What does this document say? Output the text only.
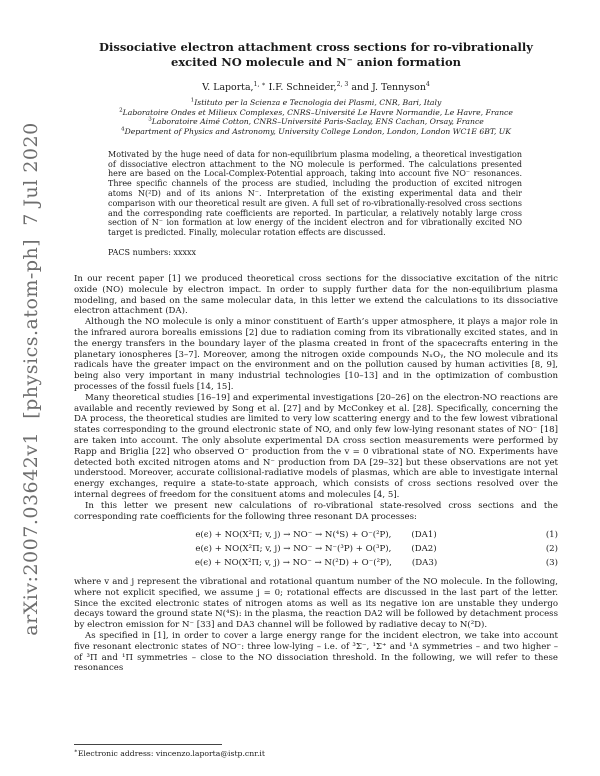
arXiv:2007.03642v1  [physics.atom-ph]  7 Jul 2020
Dissociative electron attachment cross sections for ro-vibrationally excited NO molecule and N⁻ anion formation
V. Laporta,$^{1, ∗}$ I.F. Schneider,$^{2, 3}$ and J. Tennyson$^4$
$^1$Istituto per la Scienza e Tecnologia dei Plasmi, CNR, Bari, Italy
$^2$Laboratoire Ondes et Milieux Complexes, CNRS–Université Le Havre Normandie, Le Havre, France
$^3$Laboratoire Aimé Cotton, CNRS–Université Paris-Saclay, ENS Cachan, Orsay, France
$^4$Department of Physics and Astronomy, University College London, London, London WC1E 6BT, UK
Motivated by the huge need of data for non-equilibrium plasma modeling, a theoretical investigation of dissociative electron attachment to the NO molecule is performed. The calculations presented here are based on the Local-Complex-Potential approach, taking into account five NO⁻ resonances. Three specific channels of the process are studied, including the production of excited nitrogen atoms N(²D) and of its anions N⁻. Interpretation of the existing experimental data and their comparison with our theoretical result are given. A full set of ro-vibrationally-resolved cross sections and the corresponding rate coefficients are reported. In particular, a relatively notably large cross section of N⁻ ion formation at low energy of the incident electron and for vibrationally excited NO target is predicted. Finally, molecular rotation effects are discussed.
PACS numbers: xxxxx

In our recent paper [1] we produced theoretical cross sections for the dissociative excitation of the nitric oxide (NO) molecule by electron impact. In order to supply further data for the non-equilibrium plasma modeling, and based on the same molecular data, in this letter we extend the calculations to its dissociative electron attachment (DA).

Although the NO molecule is only a minor constituent of Earth’s upper atmosphere, it plays a major role in the infrared aurora borealis emissions [2] due to radiation coming from its vibrationally excited states, and in the energy transfers in the boundary layer of the plasma created in front of the spacecrafts entering in the planetary ionospheres [3–7]. Moreover, among the nitrogen oxide compounds NₓOᵧ, the NO molecule and its radicals have the greater impact on the environment and on the pollution caused by human activities [8, 9], being also very important in many industrial technologies [10–13] and in the optimization of combustion processes of the fossil fuels [14, 15].

Many theoretical studies [16–19] and experimental investigations [20–26] on the electron-NO reactions are available and recently reviewed by Song et al. [27] and by McConkey et al. [28]. Specifically, concerning the DA process, the theoretical studies are limited to very low scattering energy and to the few lowest vibrational states corresponding to the ground electronic state of NO, and only few low-lying resonant states of NO⁻ [18] are taken into account. The only absolute experimental DA cross section measurements were performed by Rapp and Briglia [22] who observed O⁻ production from the v = 0 vibrational state of NO. Experiments have detected both excited nitrogen atoms and N⁻ production from DA [29–32] but these observations are not yet understood. Moreover, accurate collisional-radiative models of plasmas, which are able to investigate internal energy exchanges, require a state-to-state approach, which consists of cross sections resolved over the internal degrees of freedom for the consituent atoms and molecules [4, 5].

In this letter we present new calculations of ro-vibrational state-resolved cross sections and the corresponding rate coefficients for the following three resonant DA processes:

e(ϵ) + NO(X²Π; v, j) → NO⁻ → N(⁴S) + O⁻(²P), (DA1)	(1)
e(ϵ) + NO(X²Π; v, j) → NO⁻ → N⁻(³P) + O(³P), (DA2)	(2)
e(ϵ) + NO(X²Π; v, j) → NO⁻ → N(²D) + O⁻(²P), (DA3)	(3)

where v and j represent the vibrational and rotational quantum number of the NO molecule. In the following, where not explicit specified, we assume j = 0; rotational effects are discussed in the last part of the letter. Since the excited electronic states of nitrogen atoms as well as its negative ion are unstable they undergo decays toward the ground state N(⁴S): in the plasma, the reaction DA2 will be followed by detachment process by electron emission for N⁻ [33] and DA3 channel will be followed by radiative decay to N(²D).

As specified in [1], in order to cover a large energy range for the incident electron, we take into account five resonant electronic states of NO⁻: three low-lying – i.e. of ³Σ⁻, ¹Σ⁺ and ¹Δ symmetries – and two higher – of ³Π and ¹Π symmetries – close to the NO dissociation threshold. In the following, we will refer to these resonances

∗Electronic address: vincenzo.laporta@istp.cnr.it
